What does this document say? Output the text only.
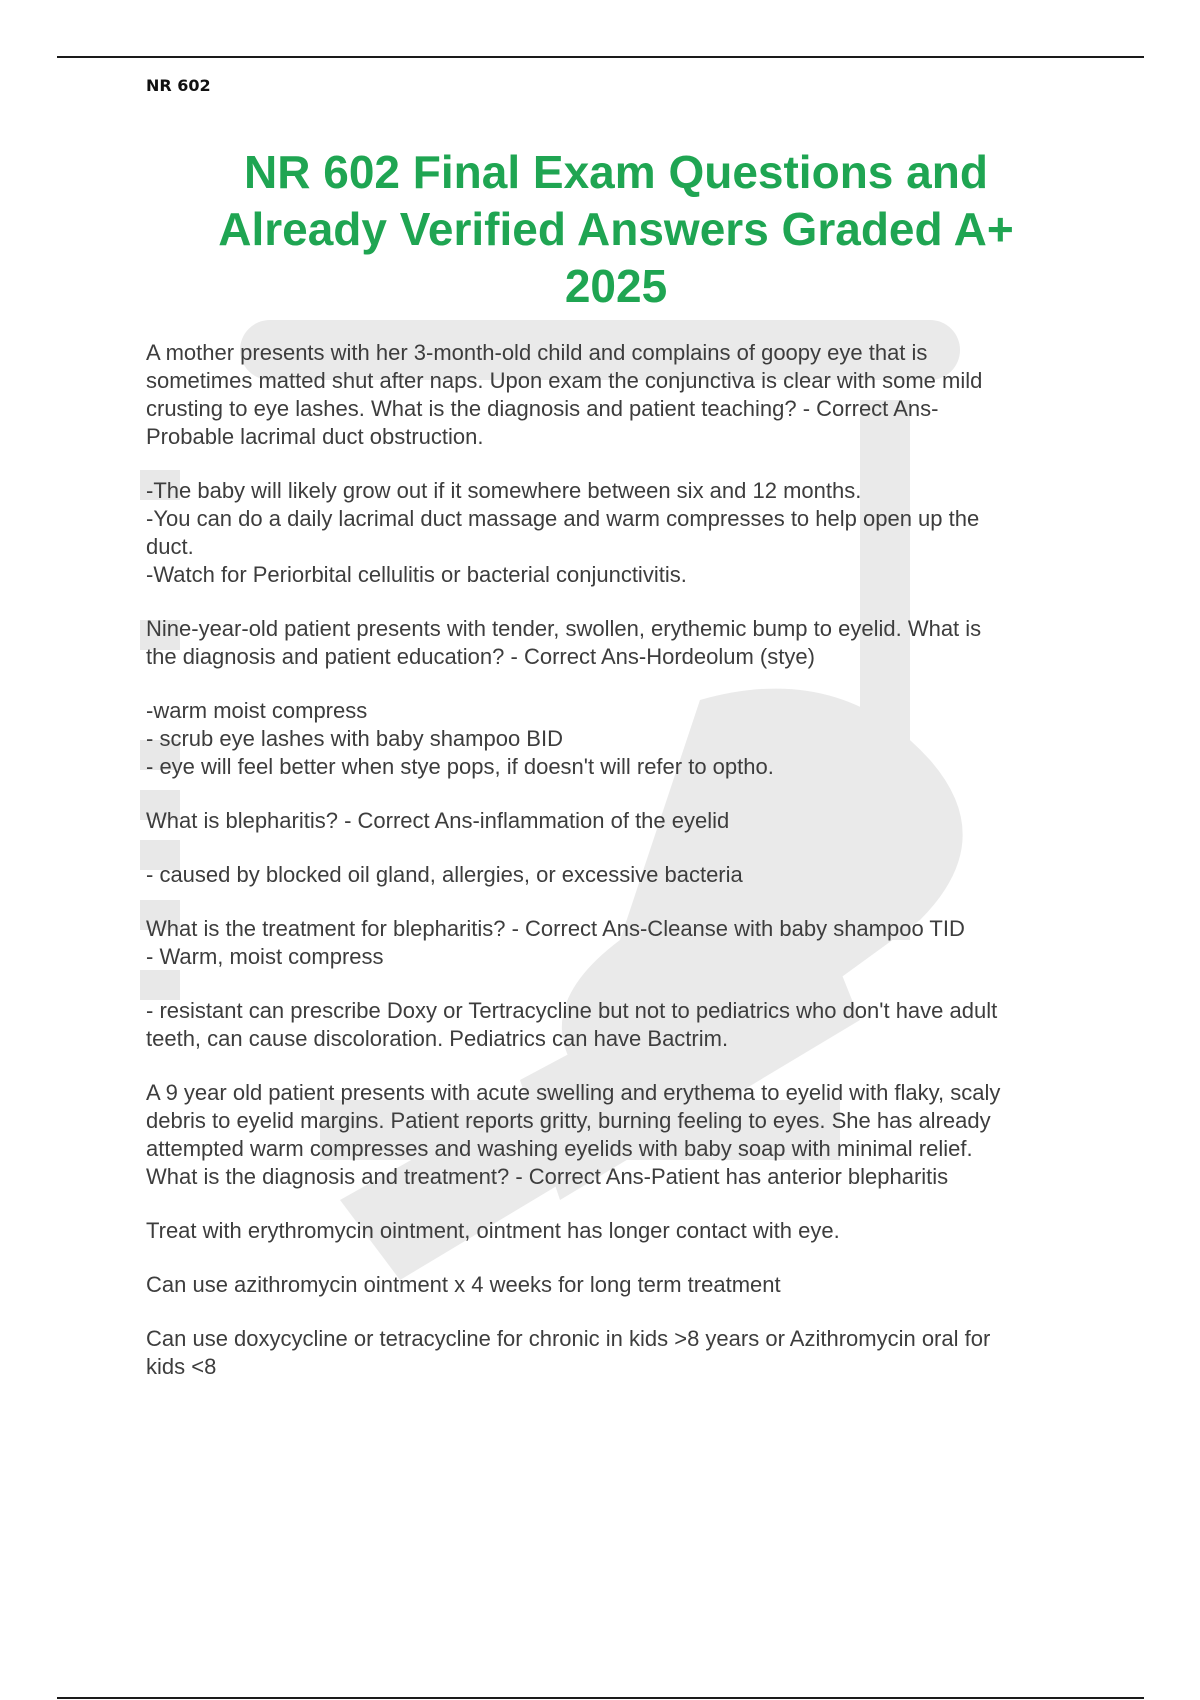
NR 602
NR 602 Final Exam Questions and
Already Verified Answers Graded A+
2025

A mother presents with her 3-month-old child and complains of goopy eye that is
sometimes matted shut after naps. Upon exam the conjunctiva is clear with some mild
crusting to eye lashes. What is the diagnosis and patient teaching? - Correct Ans-
Probable lacrimal duct obstruction.

-The baby will likely grow out if it somewhere between six and 12 months.
-You can do a daily lacrimal duct massage and warm compresses to help open up the
duct.
-Watch for Periorbital cellulitis or bacterial conjunctivitis.

Nine-year-old patient presents with tender, swollen, erythemic bump to eyelid. What is
the diagnosis and patient education? - Correct Ans-Hordeolum (stye)

-warm moist compress
- scrub eye lashes with baby shampoo BID
- eye will feel better when stye pops, if doesn't will refer to optho.

What is blepharitis? - Correct Ans-inflammation of the eyelid

- caused by blocked oil gland, allergies, or excessive bacteria

What is the treatment for blepharitis? - Correct Ans-Cleanse with baby shampoo TID
- Warm, moist compress

- resistant can prescribe Doxy or Tertracycline but not to pediatrics who don't have adult
teeth, can cause discoloration. Pediatrics can have Bactrim.

A 9 year old patient presents with acute swelling and erythema to eyelid with flaky, scaly
debris to eyelid margins. Patient reports gritty, burning feeling to eyes. She has already
attempted warm compresses and washing eyelids with baby soap with minimal relief.
What is the diagnosis and treatment? - Correct Ans-Patient has anterior blepharitis

Treat with erythromycin ointment, ointment has longer contact with eye.

Can use azithromycin ointment x 4 weeks for long term treatment

Can use doxycycline or tetracycline for chronic in kids >8 years or Azithromycin oral for
kids <8
